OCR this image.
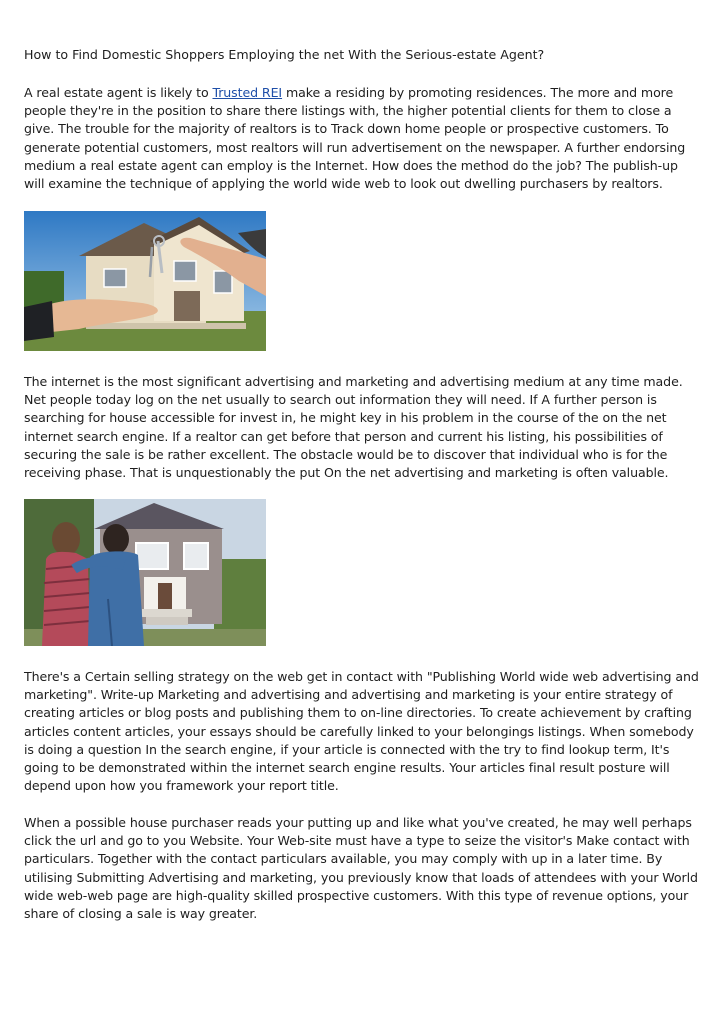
How to Find Domestic Shoppers Employing the net With the Serious-estate Agent?

A real estate agent is likely to Trusted REI make a residing by promoting residences. The more and more people they're in the position to share there listings with, the higher potential clients for them to close a give. The trouble for the majority of realtors is to Track down home people or prospective customers. To generate potential customers, most realtors will run advertisement on the newspaper. A further endorsing medium a real estate agent can employ is the Internet. How does the method do the job? The publish-up will examine the technique of applying the world wide web to look out dwelling purchasers by realtors.

The internet is the most significant advertising and marketing and advertising medium at any time made. Net people today log on the net usually to search out information they will need. If A further person is searching for house accessible for invest in, he might key in his problem in the course of the on the net internet search engine. If a realtor can get before that person and current his listing, his possibilities of securing the sale is be rather excellent. The obstacle would be to discover that individual who is for the receiving phase. That is unquestionably the put On the net advertising and marketing is often valuable.

There's a Certain selling strategy on the web get in contact with "Publishing World wide web advertising and marketing". Write-up Marketing and advertising and advertising and marketing is your entire strategy of creating articles or blog posts and publishing them to on-line directories. To create achievement by crafting articles content articles, your essays should be carefully linked to your belongings listings. When somebody is doing a question In the search engine, if your article is connected with the try to find lookup term, It's going to be demonstrated within the internet search engine results. Your articles final result posture will depend upon how you framework your report title.

When a possible house purchaser reads your putting up and like what you've created, he may well perhaps click the url and go to you Website. Your Web-site must have a type to seize the visitor's Make contact with particulars. Together with the contact particulars available, you may comply with up in a later time. By utilising Submitting Advertising and marketing, you previously know that loads of attendees with your World wide web-web page are high-quality skilled prospective customers. With this type of revenue options, your share of closing a sale is way greater.
